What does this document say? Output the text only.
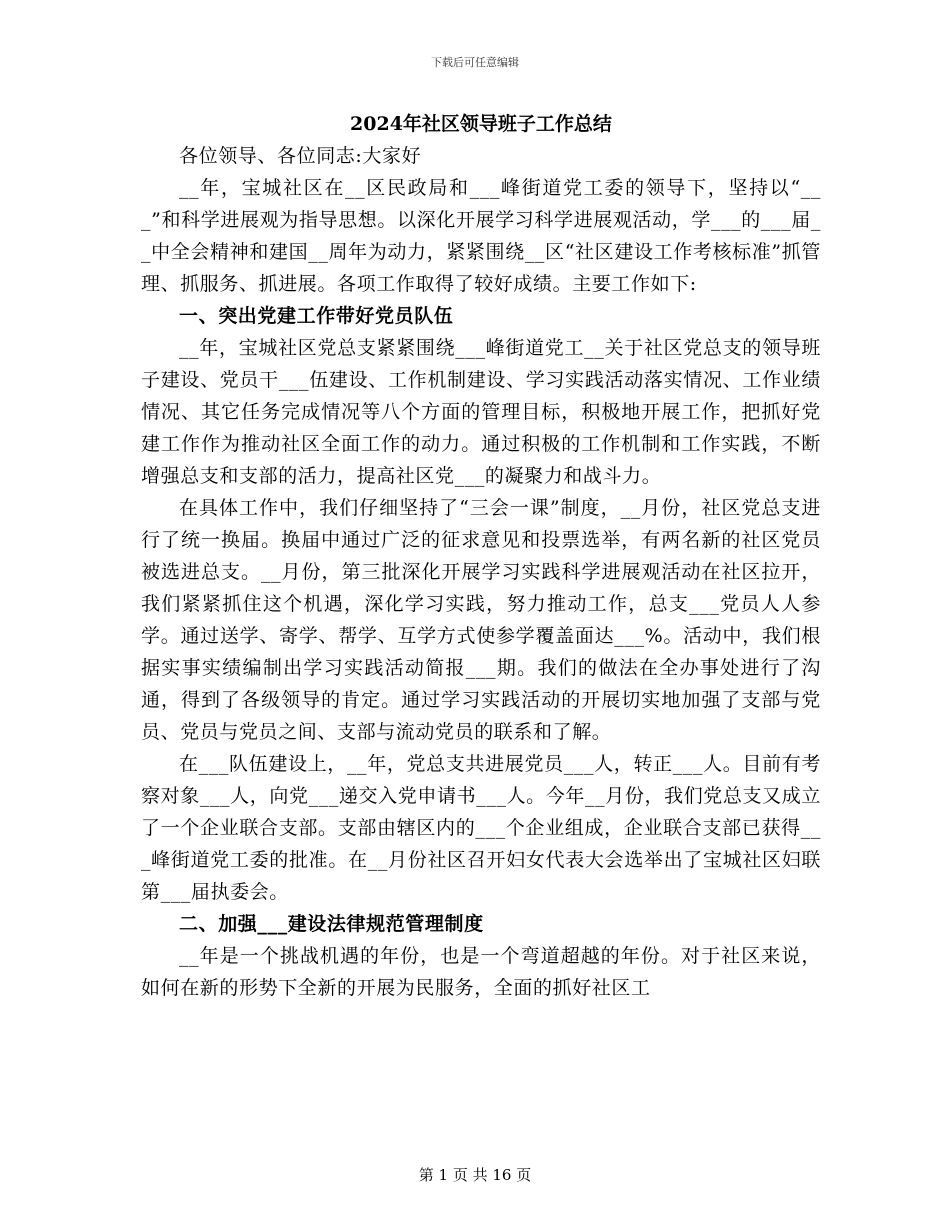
下载后可任意编辑
2024年社区领导班子工作总结

各位领导、各位同志:大家好

__年，宝城社区在__区民政局和___峰街道党工委的领导下，坚持以“___”和科学进展观为指导思想。以深化开展学习科学进展观活动，学___的___届__中全会精神和建国__周年为动力，紧紧围绕__区“社区建设工作考核标准”抓管理、抓服务、抓进展。各项工作取得了较好成绩。主要工作如下:

一、突出党建工作带好党员队伍

__年，宝城社区党总支紧紧围绕___峰街道党工__关于社区党总支的领导班子建设、党员干___伍建设、工作机制建设、学习实践活动落实情况、工作业绩情况、其它任务完成情况等八个方面的管理目标，积极地开展工作，把抓好党建工作作为推动社区全面工作的动力。通过积极的工作机制和工作实践，不断增强总支和支部的活力，提高社区党___的凝聚力和战斗力。

在具体工作中，我们仔细坚持了“三会一课”制度，__月份，社区党总支进行了统一换届。换届中通过广泛的征求意见和投票选举，有两名新的社区党员被选进总支。__月份，第三批深化开展学习实践科学进展观活动在社区拉开，我们紧紧抓住这个机遇，深化学习实践，努力推动工作，总支___党员人人参学。通过送学、寄学、帮学、互学方式使参学覆盖面达___%。活动中，我们根据实事实绩编制出学习实践活动简报___期。我们的做法在全办事处进行了沟通，得到了各级领导的肯定。通过学习实践活动的开展切实地加强了支部与党员、党员与党员之间、支部与流动党员的联系和了解。

在___队伍建设上，__年，党总支共进展党员___人，转正___人。目前有考察对象___人，向党___递交入党申请书___人。今年__月份，我们党总支又成立了一个企业联合支部。支部由辖区内的___个企业组成，企业联合支部已获得___峰街道党工委的批准。在__月份社区召开妇女代表大会选举出了宝城社区妇联第___届执委会。

二、加强___建设法律规范管理制度

__年是一个挑战机遇的年份，也是一个弯道超越的年份。对于社区来说，如何在新的形势下全新的开展为民服务，全面的抓好社区工

第 1 页 共 16 页
